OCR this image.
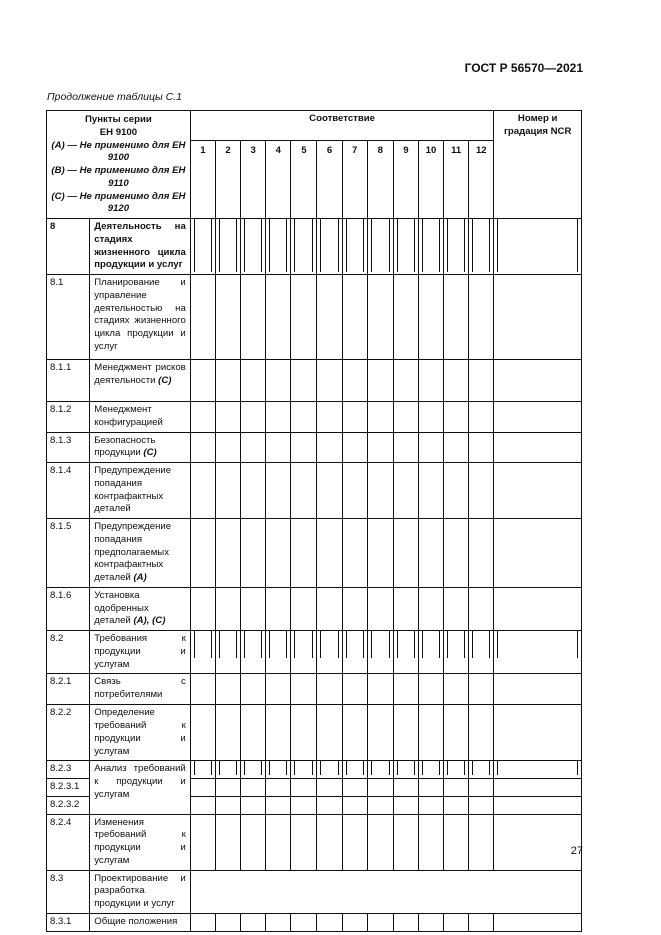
ГОСТ Р 56570—2021
Продолжение таблицы С.1
Пункты серии
ЕН 9100
(A) — Не применимо для ЕН 9100
(B) — Не применимо для ЕН 9110
(C) — Не применимо для ЕН 9120		Соответствие												Номер и градация NCR
		1	2	3	4	5	6	7	8	9	10	11	12	
8	Деятельность на стадиях жизненного цикла продукции и услуг	

8.1	Планирование и управление деятельностью на стадиях жизненного цикла продукции и услуг													
8.1.1	Менеджмент рисков деятельности (C)													
8.1.2	Менеджмент конфигурацией													
8.1.3	Безопасность продукции (C)													
8.1.4	Предупреждение попадания контрафактных деталей													
8.1.5	Предупреждение попадания предполагаемых контрафактных деталей (A)													
8.1.6	Установка одобренных деталей (A), (C)													
8.2	Требования к продукции и услугам	

8.2.1	Связь с потребителями													
8.2.2	Определение требований к продукции и услугам													
8.2.3	Анализ требований к продукции и услугам	

8.2.3.1														
8.2.3.2														
8.2.4	Изменения требований к продукции и услугам													
8.3	Проектирование и разработка продукции и услуг													
8.3.1	Общие положения													
27
